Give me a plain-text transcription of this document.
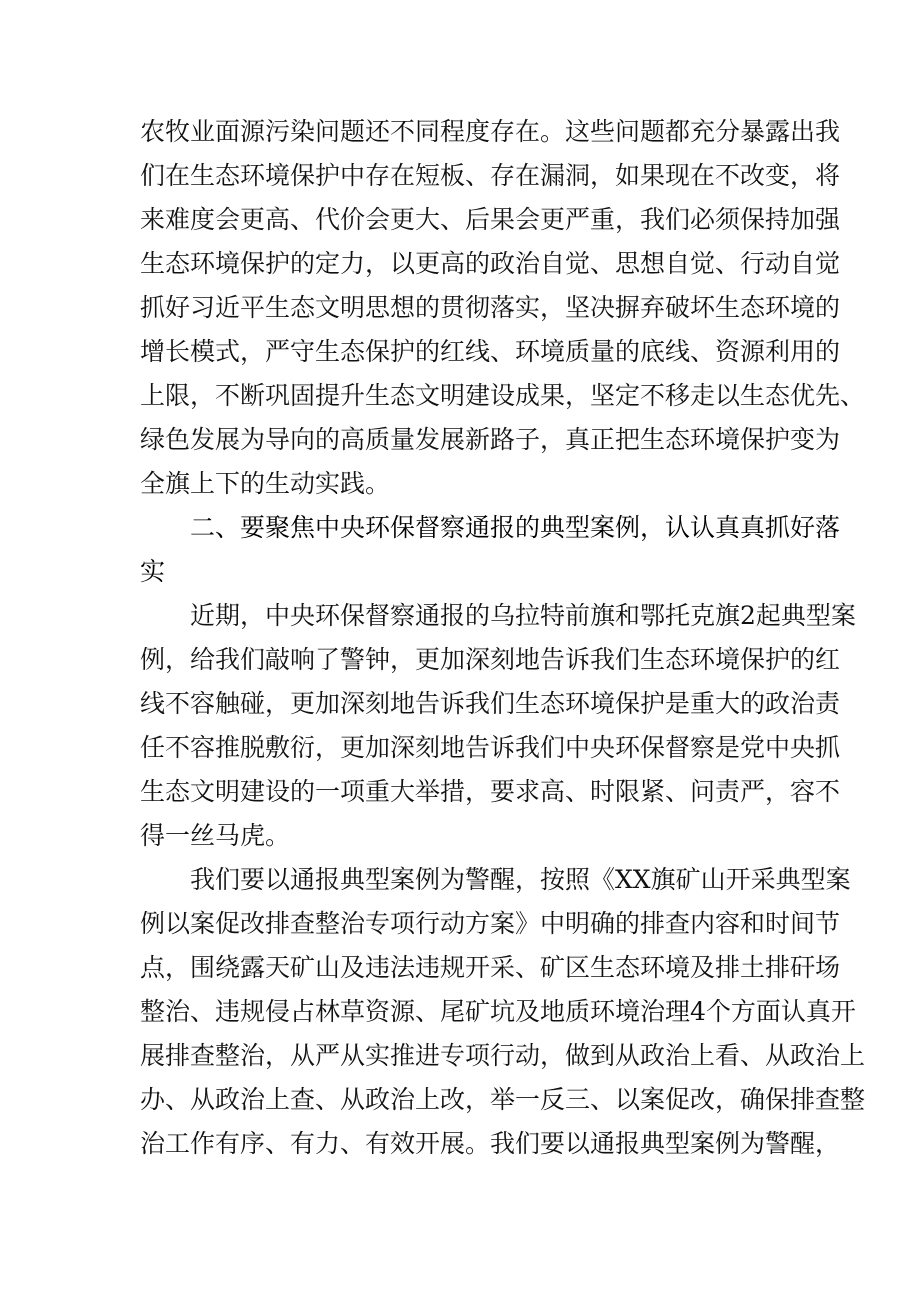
农牧业面源污染问题还不同程度存在。这些问题都充分暴露出我
们在生态环境保护中存在短板、存在漏洞，如果现在不改变，将
来难度会更高、代价会更大、后果会更严重，我们必须保持加强
生态环境保护的定力，以更高的政治自觉、思想自觉、行动自觉
抓好习近平生态文明思想的贯彻落实，坚决摒弃破坏生态环境的
增长模式，严守生态保护的红线、环境质量的底线、资源利用的
上限，不断巩固提升生态文明建设成果，坚定不移走以生态优先、
绿色发展为导向的高质量发展新路子，真正把生态环境保护变为
全旗上下的生动实践。
二、要聚焦中央环保督察通报的典型案例，认认真真抓好落
实
近期，中央环保督察通报的乌拉特前旗和鄂托克旗2起典型案
例，给我们敲响了警钟，更加深刻地告诉我们生态环境保护的红
线不容触碰，更加深刻地告诉我们生态环境保护是重大的政治责
任不容推脱敷衍，更加深刻地告诉我们中央环保督察是党中央抓
生态文明建设的一项重大举措，要求高、时限紧、问责严，容不
得一丝马虎。
我们要以通报典型案例为警醒，按照《XX旗矿山开采典型案
例以案促改排查整治专项行动方案》中明确的排查内容和时间节
点，围绕露天矿山及违法违规开采、矿区生态环境及排土排矸场
整治、违规侵占林草资源、尾矿坑及地质环境治理4个方面认真开
展排查整治，从严从实推进专项行动，做到从政治上看、从政治上
办、从政治上查、从政治上改，举一反三、以案促改，确保排查整
治工作有序、有力、有效开展。我们要以通报典型案例为警醒，
